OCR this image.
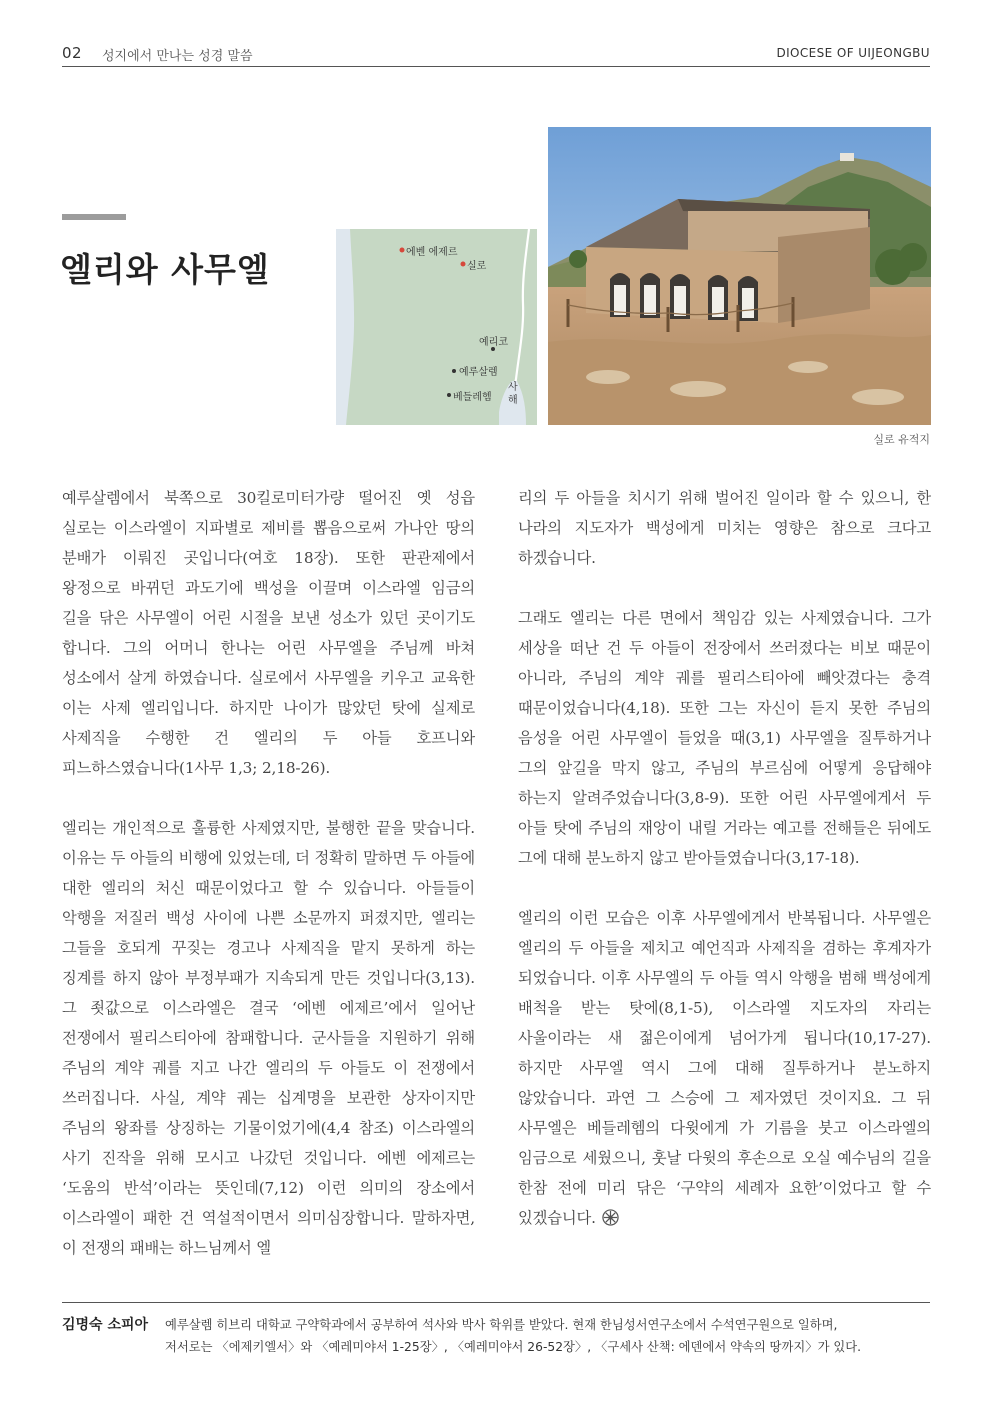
02 성지에서 만나는 성경 말씀	DIOCESE OF UIJEONGBU
엘리와 사무엘	에벤 에제르
실로
예리코
예루살렘
베들레헴
사해
실로 유적지

예루살렘에서 북쪽으로 30킬로미터가량 떨어진 옛 성읍 실로는 이스라엘이 지파별로 제비를 뽑음으로써 가나안 땅의 분배가 이뤄진 곳입니다(여호 18장). 또한 판관제에서 왕정으로 바뀌던 과도기에 백성을 이끌며 이스라엘 임금의 길을 닦은 사무엘이 어린 시절을 보낸 성소가 있던 곳이기도 합니다. 그의 어머니 한나는 어린 사무엘을 주님께 바쳐 성소에서 살게 하였습니다. 실로에서 사무엘을 키우고 교육한 이는 사제 엘리입니다. 하지만 나이가 많았던 탓에 실제로 사제직을 수행한 건 엘리의 두 아들 호프니와 피느하스였습니다(1사무 1,3; 2,18-26).

엘리는 개인적으로 훌륭한 사제였지만, 불행한 끝을 맞습니다. 이유는 두 아들의 비행에 있었는데, 더 정확히 말하면 두 아들에 대한 엘리의 처신 때문이었다고 할 수 있습니다. 아들들이 악행을 저질러 백성 사이에 나쁜 소문까지 퍼졌지만, 엘리는 그들을 호되게 꾸짖는 경고나 사제직을 맡지 못하게 하는 징계를 하지 않아 부정부패가 지속되게 만든 것입니다(3,13). 그 죗값으로 이스라엘은 결국 ‘에벤 에제르’에서 일어난 전쟁에서 필리스티아에 참패합니다. 군사들을 지원하기 위해 주님의 계약 궤를 지고 나간 엘리의 두 아들도 이 전쟁에서 쓰러집니다. 사실, 계약 궤는 십계명을 보관한 상자이지만 주님의 왕좌를 상징하는 기물이었기에(4,4 참조) 이스라엘의 사기 진작을 위해 모시고 나갔던 것입니다. 에벤 에제르는 ‘도움의 반석’이라는 뜻인데(7,12) 이런 의미의 장소에서 이스라엘이 패한 건 역설적이면서 의미심장합니다. 말하자면, 이 전쟁의 패배는 하느님께서 엘

리의 두 아들을 치시기 위해 벌어진 일이라 할 수 있으니, 한 나라의 지도자가 백성에게 미치는 영향은 참으로 크다고 하겠습니다.

그래도 엘리는 다른 면에서 책임감 있는 사제였습니다. 그가 세상을 떠난 건 두 아들이 전장에서 쓰러졌다는 비보 때문이 아니라, 주님의 계약 궤를 필리스티아에 빼앗겼다는 충격 때문이었습니다(4,18). 또한 그는 자신이 듣지 못한 주님의 음성을 어린 사무엘이 들었을 때(3,1) 사무엘을 질투하거나 그의 앞길을 막지 않고, 주님의 부르심에 어떻게 응답해야 하는지 알려주었습니다(3,8-9). 또한 어린 사무엘에게서 두 아들 탓에 주님의 재앙이 내릴 거라는 예고를 전해들은 뒤에도 그에 대해 분노하지 않고 받아들였습니다(3,17-18).

엘리의 이런 모습은 이후 사무엘에게서 반복됩니다. 사무엘은 엘리의 두 아들을 제치고 예언직과 사제직을 겸하는 후계자가 되었습니다. 이후 사무엘의 두 아들 역시 악행을 범해 백성에게 배척을 받는 탓에(8,1-5), 이스라엘 지도자의 자리는 사울이라는 새 젊은이에게 넘어가게 됩니다(10,17-27). 하지만 사무엘 역시 그에 대해 질투하거나 분노하지 않았습니다. 과연 그 스승에 그 제자였던 것이지요. 그 뒤 사무엘은 베들레헴의 다윗에게 가 기름을 붓고 이스라엘의 임금으로 세웠으니, 훗날 다윗의 후손으로 오실 예수님의 길을 한참 전에 미리 닦은 ‘구약의 세례자 요한’이었다고 할 수 있겠습니다.

김명숙 소피아 예루살렘 히브리 대학교 구약학과에서 공부하여 석사와 박사 학위를 받았다. 현재 한님성서연구소에서 수석연구원으로 일하며,
저서로는 〈에제키엘서〉와 〈예레미야서 1-25장〉, 〈예레미야서 26-52장〉, 〈구세사 산책: 에덴에서 약속의 땅까지〉가 있다.
